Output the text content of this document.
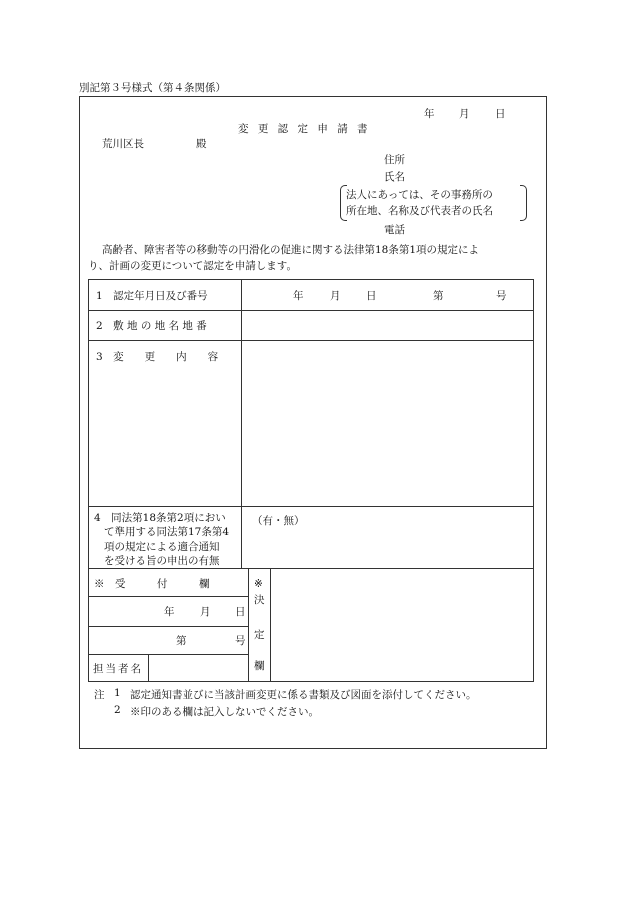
別記第３号様式（第４条関係）
年 月 日
変 更 認 定 申 請 書
荒川区長	殿
住所
氏名
法人にあっては、その事務所の
所在地、名称及び代表者の氏名
電話
高齢者、障害者等の移動等の円滑化の促進に関する法律第18条第1項の規定によ
り、計画の変更について認定を申請します。
1　認定年月日及び番号	年	月 日	第	号
2　敷 地 の 地 名 地 番
3　変　　更　　内　　容
4　同法第18条第2項におい
て準用する同法第17条第4
項の規定による適合通知
を受ける旨の申出の有無
（有・無）
※　受　　　付　　　欄
年 月 日
第	号
担当者名
※
決
定
欄
注 1 認定通知書並びに当該計画変更に係る書類及び図面を添付してください。
2 ※印のある欄は記入しないでください。
